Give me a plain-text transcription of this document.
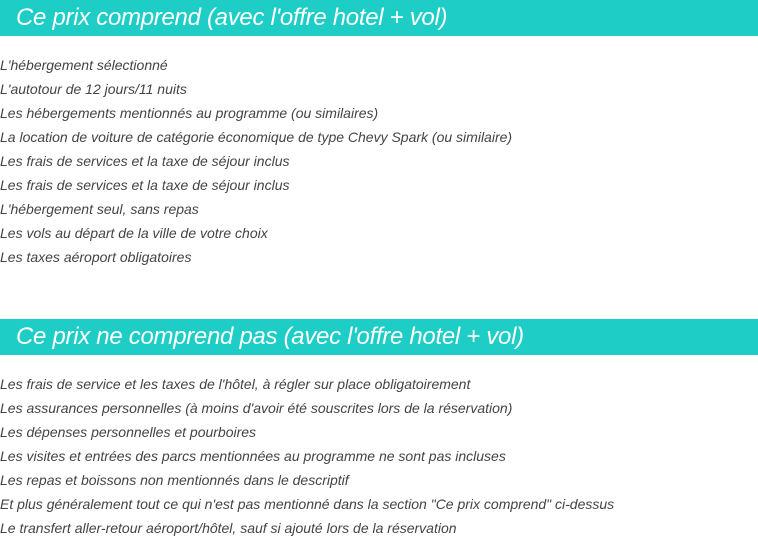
Ce prix comprend (avec l'offre hotel + vol)
L'hébergement sélectionné
L'autotour de 12 jours/11 nuits
Les hébergements mentionnés au programme (ou similaires)
La location de voiture de catégorie économique de type Chevy Spark (ou similaire)
Les frais de services et la taxe de séjour inclus
Les frais de services et la taxe de séjour inclus
L'hébergement seul, sans repas
Les vols au départ de la ville de votre choix
Les taxes aéroport obligatoires
Ce prix ne comprend pas (avec l'offre hotel + vol)
Les frais de service et les taxes de l'hôtel, à régler sur place obligatoirement
Les assurances personnelles (à moins d'avoir été souscrites lors de la réservation)
Les dépenses personnelles et pourboires
Les visites et entrées des parcs mentionnées au programme ne sont pas incluses
Les repas et boissons non mentionnés dans le descriptif
Et plus généralement tout ce qui n'est pas mentionné dans la section "Ce prix comprend" ci-dessus
Le transfert aller-retour aéroport/hôtel, sauf si ajouté lors de la réservation
